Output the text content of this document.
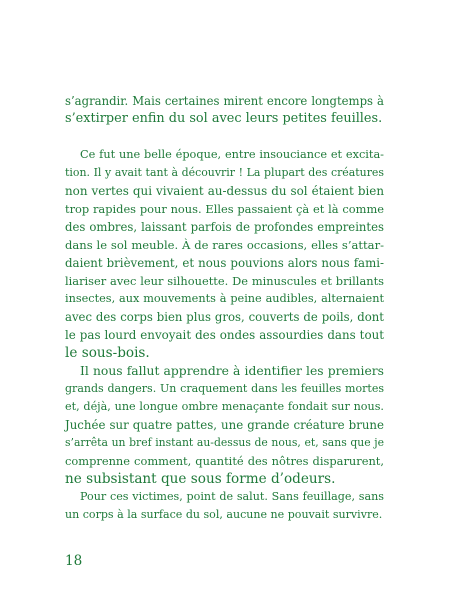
s’agrandir. Mais certaines mirent encore longtemps à

s’extirper enfin du sol avec leurs petites feuilles.

Ce fut une belle époque, entre insouciance et excita-

tion. Il y avait tant à découvrir ! La plupart des créatures

non vertes qui vivaient au-dessus du sol étaient bien

trop rapides pour nous. Elles passaient çà et là comme

des ombres, laissant parfois de profondes empreintes

dans le sol meuble. À de rares occasions, elles s’attar-

daient brièvement, et nous pouvions alors nous fami-

liariser avec leur silhouette. De minuscules et brillants

insectes, aux mouvements à peine audibles, alternaient

avec des corps bien plus gros, couverts de poils, dont

le pas lourd envoyait des ondes assourdies dans tout

le sous-bois.

Il nous fallut apprendre à identifier les premiers

grands dangers. Un craquement dans les feuilles mortes

et, déjà, une longue ombre menaçante fondait sur nous.

Juchée sur quatre pattes, une grande créature brune

s’arrêta un bref instant au-dessus de nous, et, sans que je

comprenne comment, quantité des nôtres disparurent,

ne subsistant que sous forme d’odeurs.

Pour ces victimes, point de salut. Sans feuillage, sans

un corps à la surface du sol, aucune ne pouvait survivre.

18
